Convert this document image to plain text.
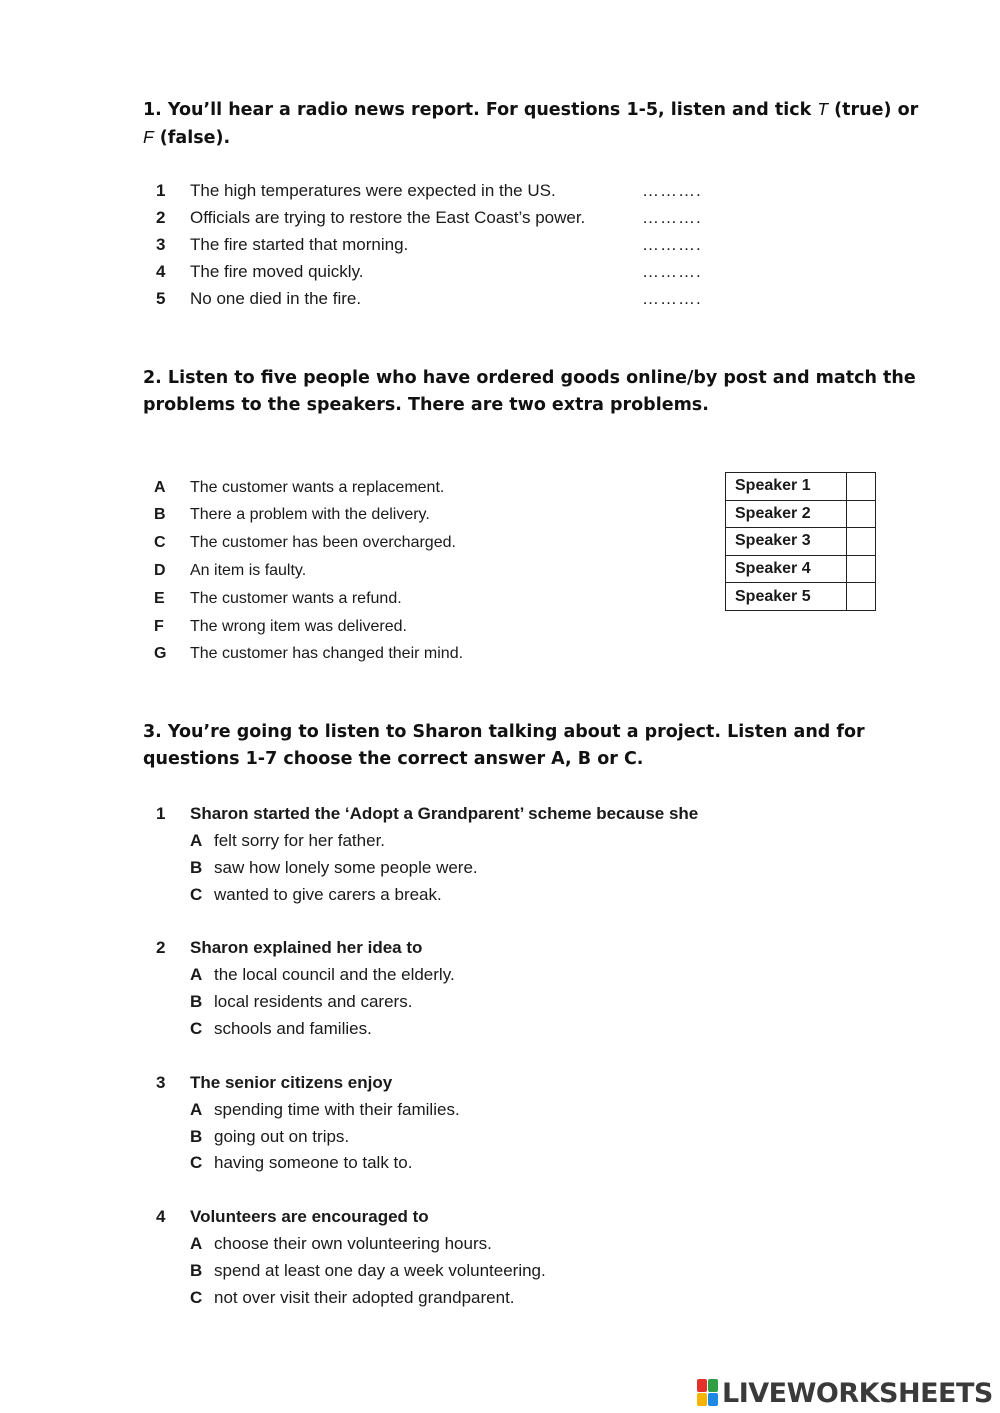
1. You’ll hear a radio news report. For questions 1-5, listen and tick T (true) or
F (false).
1 The high temperatures were expected in the US.	……….
2 Officials are trying to restore the East Coast’s power.	……….
3 The fire started that morning.	……….
4 The fire moved quickly.	……….
5 No one died in the fire.	……….
2. Listen to five people who have ordered goods online/by post and match the
problems to the speakers. There are two extra problems.
A The customer wants a replacement.
B There a problem with the delivery.
C The customer has been overcharged.
D An item is faulty.
E The customer wants a refund.
F The wrong item was delivered.
G The customer has changed their mind.
Speaker 1	
Speaker 2	
Speaker 3	
Speaker 4	
Speaker 5	
3. You’re going to listen to Sharon talking about a project. Listen and for
questions 1-7 choose the correct answer A, B or C.
1 Sharon started the ‘Adopt a Grandparent’ scheme because she
A felt sorry for her father.
B saw how lonely some people were.
C wanted to give carers a break.
2 Sharon explained her idea to
A the local council and the elderly.
B local residents and carers.
C schools and families.
3 The senior citizens enjoy
A spending time with their families.
B going out on trips.
C having someone to talk to.
4 Volunteers are encouraged to
A choose their own volunteering hours.
B spend at least one day a week volunteering.
C not over visit their adopted grandparent.
LIVEWORKSHEETS
